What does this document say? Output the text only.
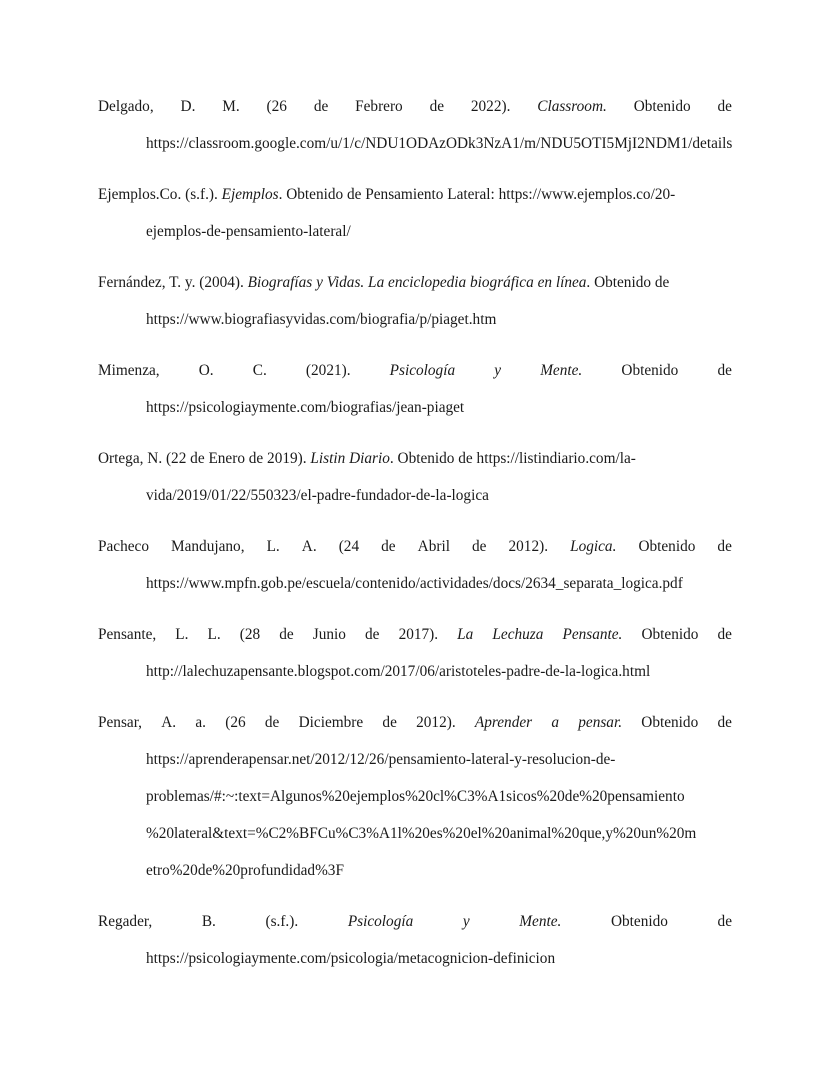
Delgado, D. M. (26 de Febrero de 2022). Classroom. Obtenido de
https://classroom.google.com/u/1/c/NDU1ODAzODk3NzA1/m/NDU5OTI5MjI2NDM1/details
Ejemplos.Co. (s.f.). Ejemplos. Obtenido de Pensamiento Lateral: https://www.ejemplos.co/20-
ejemplos-de-pensamiento-lateral/
Fernández, T. y. (2004). Biografías y Vidas. La enciclopedia biográfica en línea. Obtenido de
https://www.biografiasyvidas.com/biografia/p/piaget.htm
Mimenza,	O.	C.	(2021).	Psicología	y	Mente.	Obtenido	de
https://psicologiaymente.com/biografias/jean-piaget
Ortega, N. (22 de Enero de 2019). Listin Diario. Obtenido de https://listindiario.com/la-
vida/2019/01/22/550323/el-padre-fundador-de-la-logica
Pacheco Mandujano, L. A. (24 de Abril de 2012). Logica. Obtenido de
https://www.mpfn.gob.pe/escuela/contenido/actividades/docs/2634_separata_logica.pdf
Pensante, L. L. (28 de Junio de 2017). La Lechuza Pensante. Obtenido de
http://lalechuzapensante.blogspot.com/2017/06/aristoteles-padre-de-la-logica.html
Pensar, A. a. (26 de Diciembre de 2012). Aprender a pensar. Obtenido de
https://aprenderapensar.net/2012/12/26/pensamiento-lateral-y-resolucion-de-
problemas/#:~:text=Algunos%20ejemplos%20cl%C3%A1sicos%20de%20pensamiento
%20lateral&text=%C2%BFCu%C3%A1l%20es%20el%20animal%20que,y%20un%20m
etro%20de%20profundidad%3F
Regader,	B.	(s.f.).	Psicología	y	Mente.	Obtenido	de
https://psicologiaymente.com/psicologia/metacognicion-definicion
